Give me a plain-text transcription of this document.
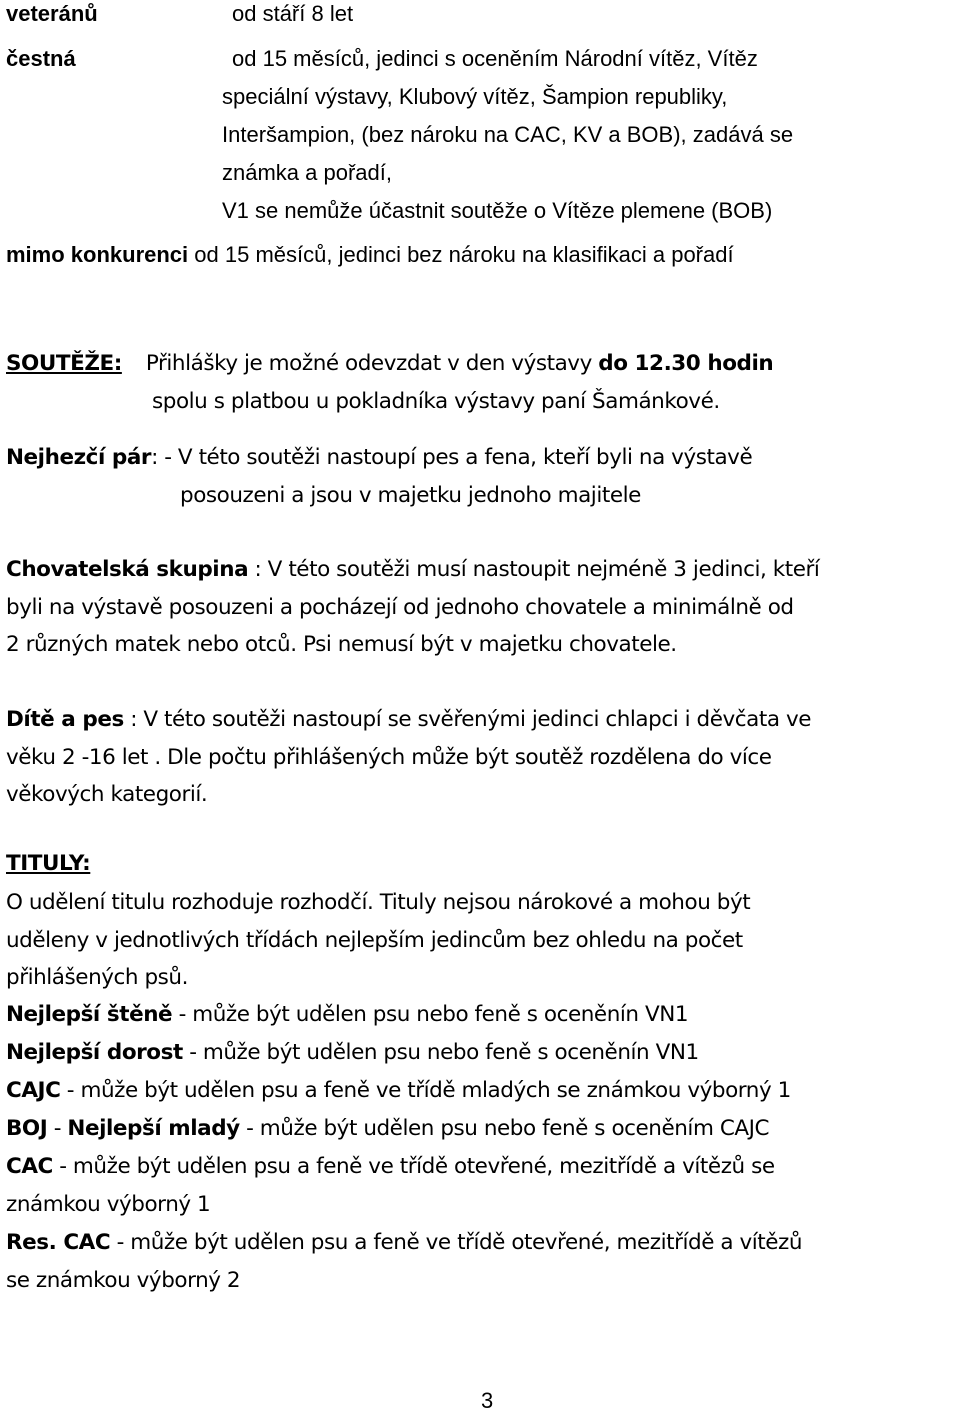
veteránů	od stáří 8 let
čestná	od 15 měsíců, jedinci s oceněním Národní vítěz, Vítěz
speciální výstavy, Klubový vítěz, Šampion republiky,
Interšampion, (bez nároku na CAC, KV a BOB), zadává se
známka a pořadí,
V1 se nemůže účastnit soutěže o Vítěze plemene (BOB)
mimo konkurenci od 15 měsíců, jedinci bez nároku na klasifikaci a pořadí
SOUTĚŽE: Přihlášky je možné odevzdat v den výstavy do 12.30 hodin
spolu s platbou u pokladníka výstavy paní Šamánkové.
Nejhezčí pár: - V této soutěži nastoupí pes a fena, kteří byli na výstavě
posouzeni a jsou v majetku jednoho majitele
Chovatelská skupina : V této soutěži musí nastoupit nejméně 3 jedinci, kteří
byli na výstavě posouzeni a pocházejí od jednoho chovatele a minimálně od
2 různých matek nebo otců. Psi nemusí být v majetku chovatele.
Dítě a pes : V této soutěži nastoupí se svěřenými jedinci chlapci i děvčata ve
věku 2 -16 let . Dle počtu přihlášených může být soutěž rozdělena do více
věkových kategorií.
TITULY:
O udělení titulu rozhoduje rozhodčí. Tituly nejsou nárokové a mohou být
uděleny v jednotlivých třídách nejlepším jedincům bez ohledu na počet
přihlášených psů.
Nejlepší štěně - může být udělen psu nebo feně s oceněnín VN1
Nejlepší dorost - může být udělen psu nebo feně s oceněnín VN1
CAJC - může být udělen psu a feně ve třídě mladých se známkou výborný 1
BOJ - Nejlepší mladý - může být udělen psu nebo feně s oceněním CAJC
CAC - může být udělen psu a feně ve třídě otevřené, mezitřídě a vítězů se
známkou výborný 1
Res. CAC - může být udělen psu a feně ve třídě otevřené, mezitřídě a vítězů
se známkou výborný 2
3
